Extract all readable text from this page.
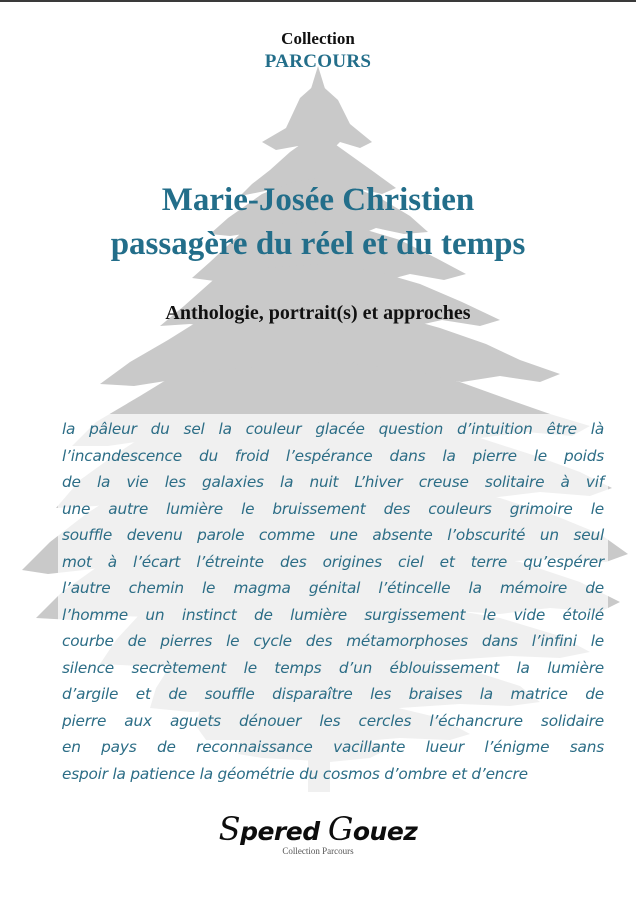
Collection
PARCOURS
Marie-Josée Christien
passagère du réel et du temps
Anthologie, portrait(s) et approches
la pâleur du sel la couleur glacée question d’intuition être là
l’incandescence du froid l’espérance dans la pierre le poids
de la vie les galaxies la nuit L’hiver creuse solitaire à vif
une autre lumière le bruissement des couleurs grimoire le
souffle devenu parole comme une absente l’obscurité un seul
mot à l’écart l’étreinte des origines ciel et terre qu’espérer
l’autre chemin le magma génital l’étincelle la mémoire de
l’homme un instinct de lumière surgissement le vide étoilé
courbe de pierres le cycle des métamorphoses dans l’infini le
silence secrètement le temps d’un éblouissement la lumière
d’argile et de souffle disparaître les braises la matrice de
pierre aux aguets dénouer les cercles l’échancrure solidaire
en pays de reconnaissance vacillante lueur l’énigme sans
espoir la patience la géométrie du cosmos d’ombre et d’encre
Spered Gouez
Collection Parcours
